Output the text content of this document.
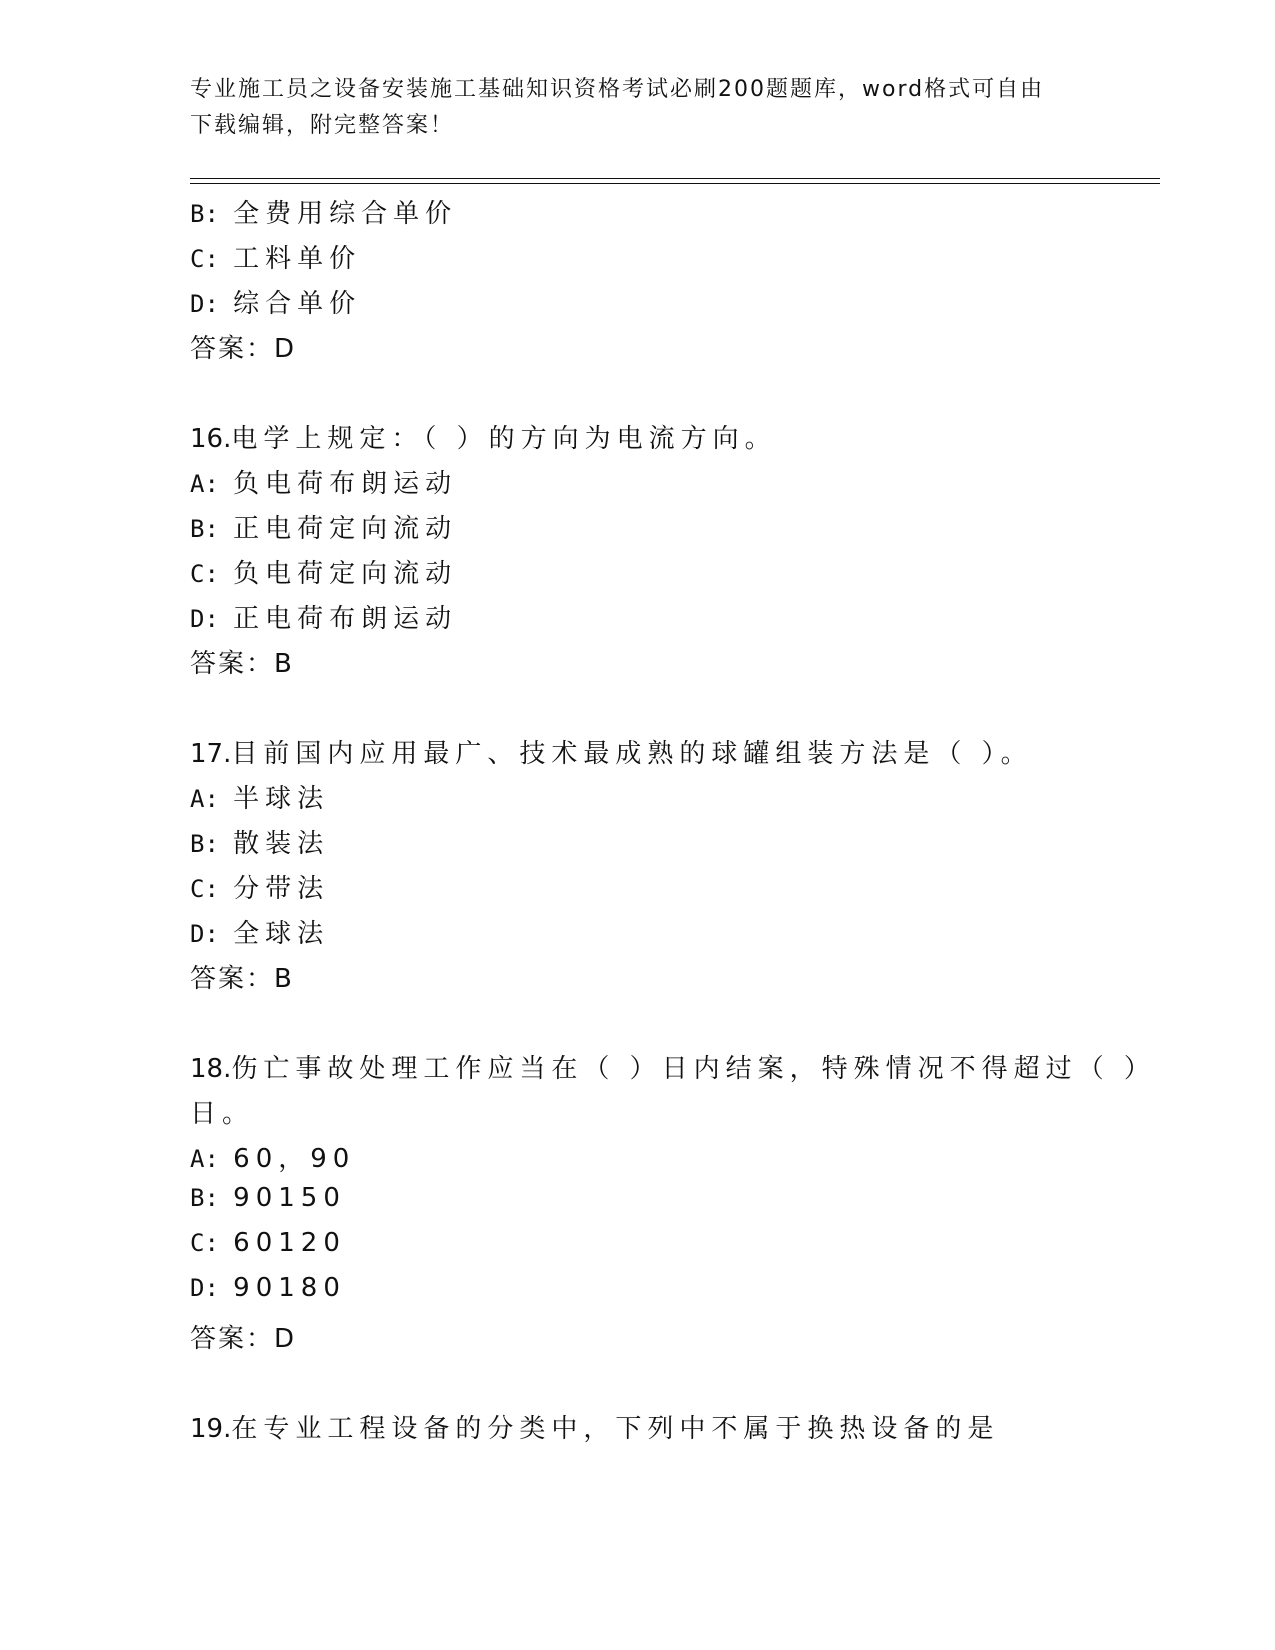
专业施工员之设备安装施工基础知识资格考试必刷200题题库，word格式可自由
下载编辑，附完整答案！
B: 全费用综合单价
C: 工料单价
D: 综合单价
答案：D
16.电学上规定：（ ）的方向为电流方向。
A: 负电荷布朗运动
B: 正电荷定向流动
C: 负电荷定向流动
D: 正电荷布朗运动
答案：B
17.目前国内应用最广、技术最成熟的球罐组装方法是（ ）。
A: 半球法
B: 散装法
C: 分带法
D: 全球法
答案：B
18.伤亡事故处理工作应当在（ ）日内结案，特殊情况不得超过（ ）
日。
A: 60，90
B: 90150
C: 60120
D: 90180
答案：D
19.在专业工程设备的分类中，下列中不属于换热设备的是
